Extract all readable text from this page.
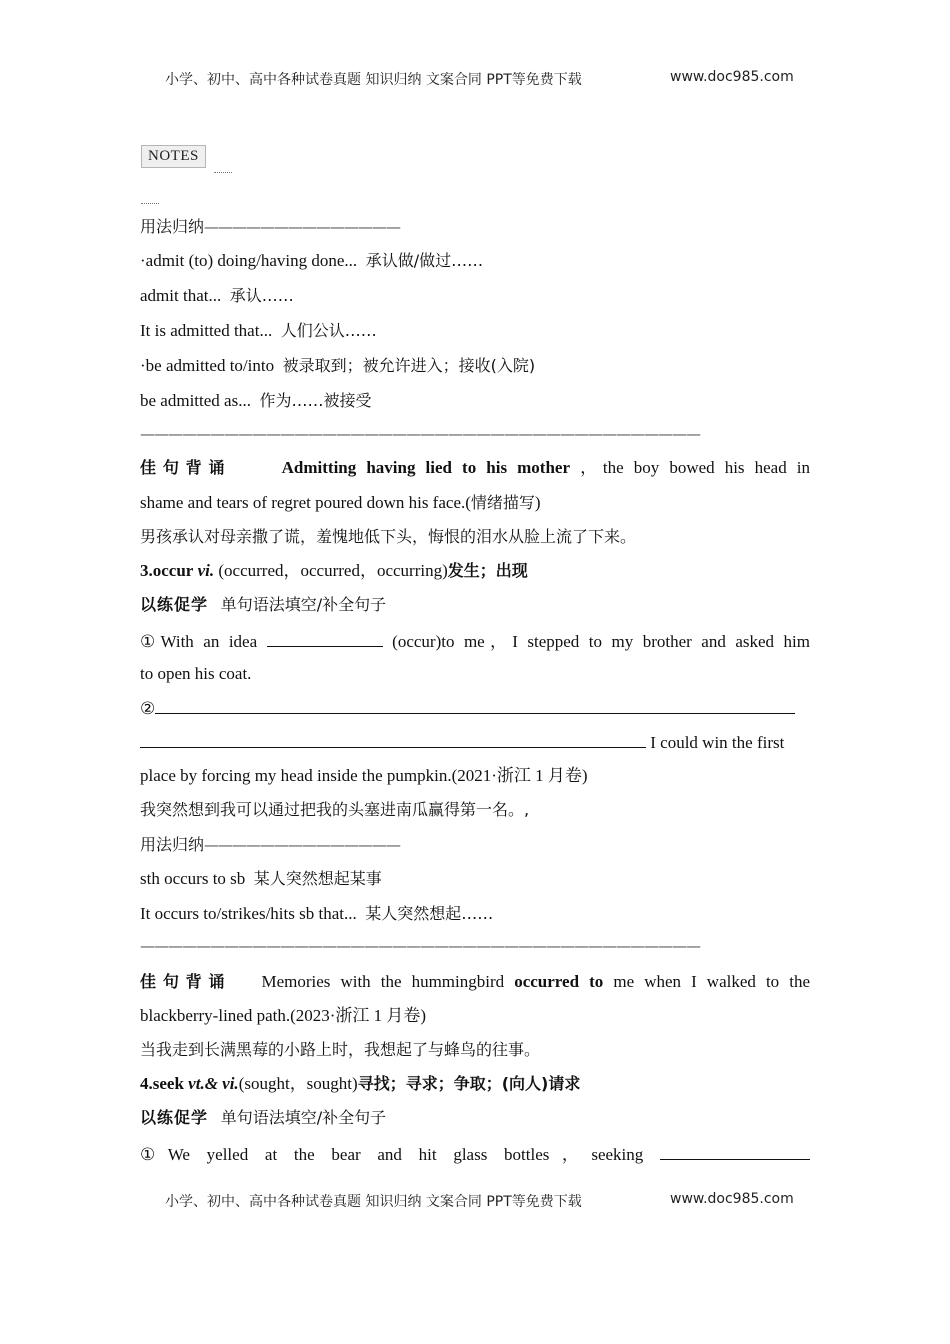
小学、初中、高中各种试卷真题 知识归纳 文案合同 PPT等免费下载	www.doc985.com
NOTES
用法归纳——————————————
·admit (to) doing/having done... 承认做/做过……
admit that... 承认……
It is admitted that... 人们公认……
·be admitted to/into 被录取到；被允许进入；接收(入院)
be admitted as... 作为……被接受
————————————————————————————————————————
佳句背诵	Admitting having lied to his mother ，the boy bowed his head in
shame and tears of regret poured down his face.(情绪描写)
男孩承认对母亲撒了谎，羞愧地低下头，悔恨的泪水从脸上流了下来。
3.occur vi. (occurred，occurred，occurring)发生；出现
以练促学 单句语法填空/补全句子
①With an idea	(occur)to me，I stepped to my brother and asked him
to open his coat.
②
I could win the first
place by forcing my head inside the pumpkin.(2021·浙江 1 月卷)
我突然想到我可以通过把我的头塞进南瓜赢得第一名。,
用法归纳——————————————
sth occurs to sb 某人突然想起某事
It occurs to/strikes/hits sb that... 某人突然想起……
————————————————————————————————————————
佳句背诵 Memories with the hummingbird occurred to me when I walked to the
blackberry-lined path.(2023·浙江 1 月卷)
当我走到长满黑莓的小路上时，我想起了与蜂鸟的往事。
4.seek vt.& vi.(sought，sought)寻找；寻求；争取；(向人)请求
以练促学 单句语法填空/补全句子
①We yelled at the bear and hit glass bottles，seeking
小学、初中、高中各种试卷真题 知识归纳 文案合同 PPT等免费下载	www.doc985.com
